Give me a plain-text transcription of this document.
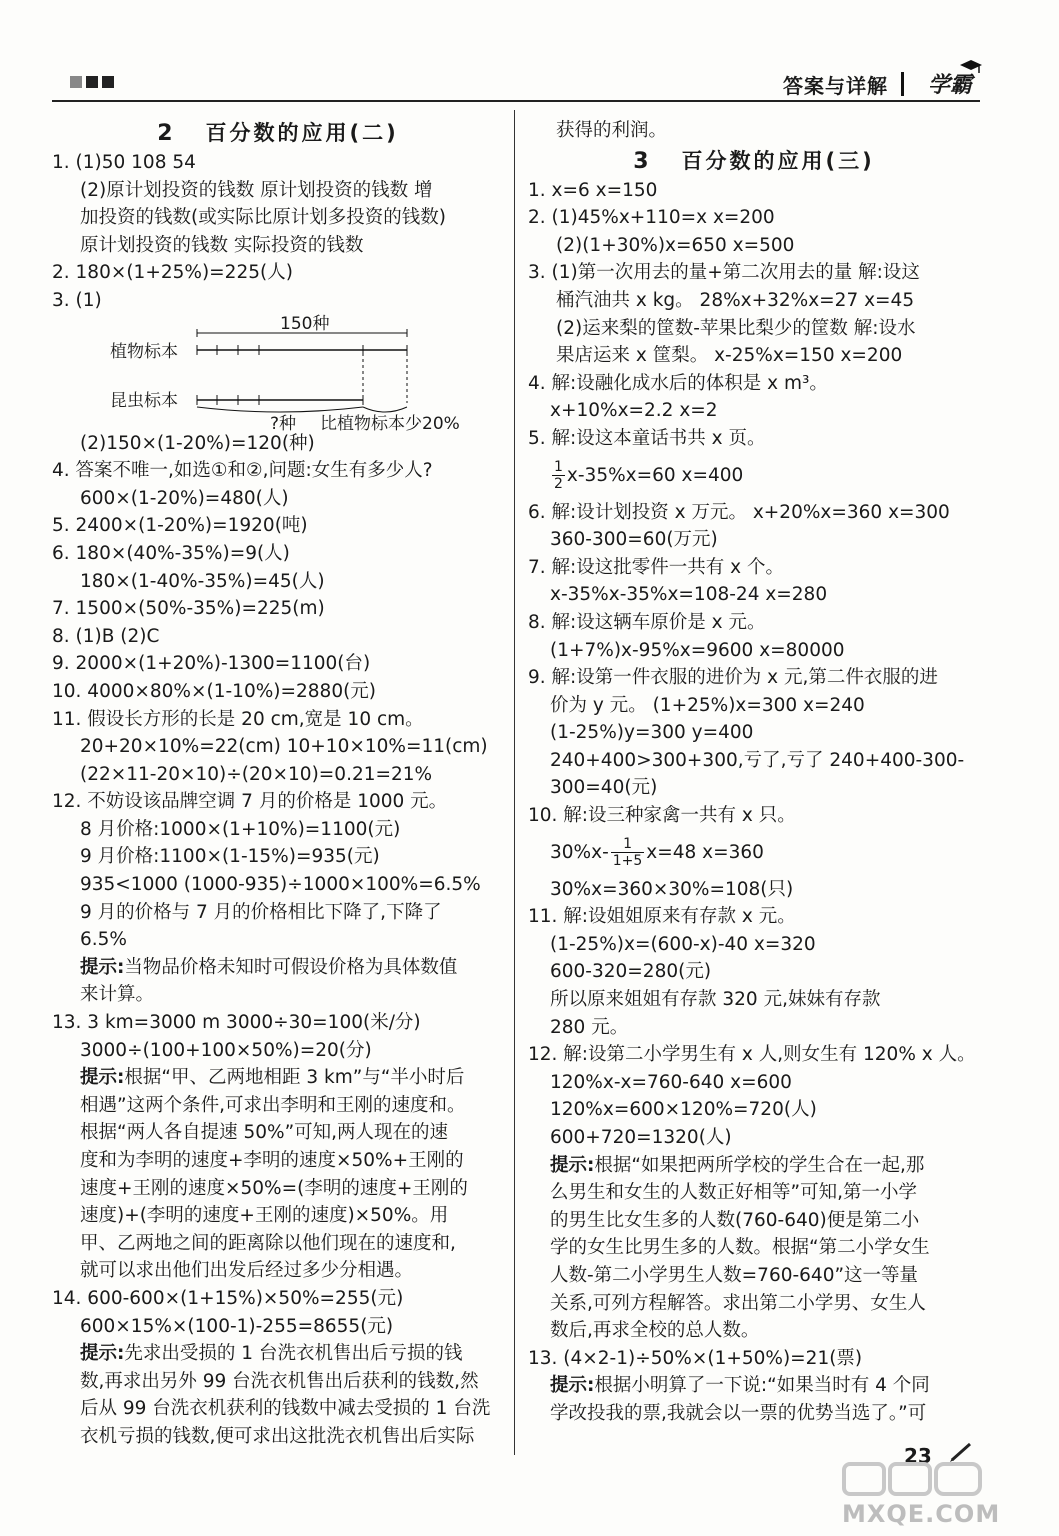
答案与详解 学霸
2 百分数的应用(二)
1. (1)50 108 54
(2)原计划投资的钱数 原计划投资的钱数 增
加投资的钱数(或实际比原计划多投资的钱数)
原计划投资的钱数 实际投资的钱数
2. 180×(1+25%)=225(人)
3. (1)
150种
植物标本
昆虫标本
?种 比植物标本少20%
(2)150×(1-20%)=120(种)
4. 答案不唯一,如选①和②,问题:女生有多少人?
600×(1-20%)=480(人)
5. 2400×(1-20%)=1920(吨)
6. 180×(40%-35%)=9(人)
180×(1-40%-35%)=45(人)
7. 1500×(50%-35%)=225(m)
8. (1)B (2)C
9. 2000×(1+20%)-1300=1100(台)
10. 4000×80%×(1-10%)=2880(元)
11. 假设长方形的长是 20 cm,宽是 10 cm。
20+20×10%=22(cm) 10+10×10%=11(cm)
(22×11-20×10)÷(20×10)=0.21=21%
12. 不妨设该品牌空调 7 月的价格是 1000 元。
8 月价格:1000×(1+10%)=1100(元)
9 月价格:1100×(1-15%)=935(元)
935<1000 (1000-935)÷1000×100%=6.5%
9 月的价格与 7 月的价格相比下降了,下降了
6.5%
提示:当物品价格未知时可假设价格为具体数值
来计算。
13. 3 km=3000 m 3000÷30=100(米/分)
3000÷(100+100×50%)=20(分)
提示:根据“甲、乙两地相距 3 km”与“半小时后
相遇”这两个条件,可求出李明和王刚的速度和。
根据“两人各自提速 50%”可知,两人现在的速
度和为李明的速度+李明的速度×50%+王刚的
速度+王刚的速度×50%=(李明的速度+王刚的
速度)+(李明的速度+王刚的速度)×50%。用
甲、乙两地之间的距离除以他们现在的速度和,
就可以求出他们出发后经过多少分相遇。
14. 600-600×(1+15%)×50%=255(元)
600×15%×(100-1)-255=8655(元)
提示:先求出受损的 1 台洗衣机售出后亏损的钱
数,再求出另外 99 台洗衣机售出后获利的钱数,然
后从 99 台洗衣机获利的钱数中减去受损的 1 台洗
衣机亏损的钱数,便可求出这批洗衣机售出后实际
获得的利润。
3 百分数的应用(三)
1. x=6 x=150
2. (1)45%x+110=x x=200
(2)(1+30%)x=650 x=500
3. (1)第一次用去的量+第二次用去的量 解:设这
桶汽油共 x kg。 28%x+32%x=27 x=45
(2)运来梨的筐数-苹果比梨少的筐数 解:设水
果店运来 x 筐梨。 x-25%x=150 x=200
4. 解:设融化成水后的体积是 x m³。
x+10%x=2.2 x=2
5. 解:设这本童话书共 x 页。
$\frac{1}{2} x-35\%x=60$ x=400
6. 解:设计划投资 x 万元。 x+20%x=360 x=300
360-300=60(万元)
7. 解:设这批零件一共有 x 个。
x-35%x-35%x=108-24 x=280
8. 解:设这辆车原价是 x 元。
(1+7%)x-95%x=9600 x=80000
9. 解:设第一件衣服的进价为 x 元,第二件衣服的进
价为 y 元。 (1+25%)x=300 x=240
(1-25%)y=300 y=400
240+400>300+300,亏了,亏了 240+400-300-
300=40(元)
10. 解:设三种家禽一共有 x 只。
$30\%x- \frac{1}{1+5} x=48$ x=360
30%x=360×30%=108(只)
11. 解:设姐姐原来有存款 x 元。
(1-25%)x=(600-x)-40 x=320
600-320=280(元)
所以原来姐姐有存款 320 元,妹妹有存款
280 元。
12. 解:设第二小学男生有 x 人,则女生有 120% x 人。
120%x-x=760-640 x=600
120%x=600×120%=720(人)
600+720=1320(人)
提示:根据“如果把两所学校的学生合在一起,那
么男生和女生的人数正好相等”可知,第一小学
的男生比女生多的人数(760-640)便是第二小
学的女生比男生多的人数。根据“第二小学女生
人数-第二小学男生人数=760-640”这一等量
关系,可列方程解答。求出第二小学男、女生人
数后,再求全校的总人数。
13. (4×2-1)÷50%×(1+50%)=21(票)
提示:根据小明算了一下说:“如果当时有 4 个同
学改投我的票,我就会以一票的优势当选了。”可
23
MXQE.COM
